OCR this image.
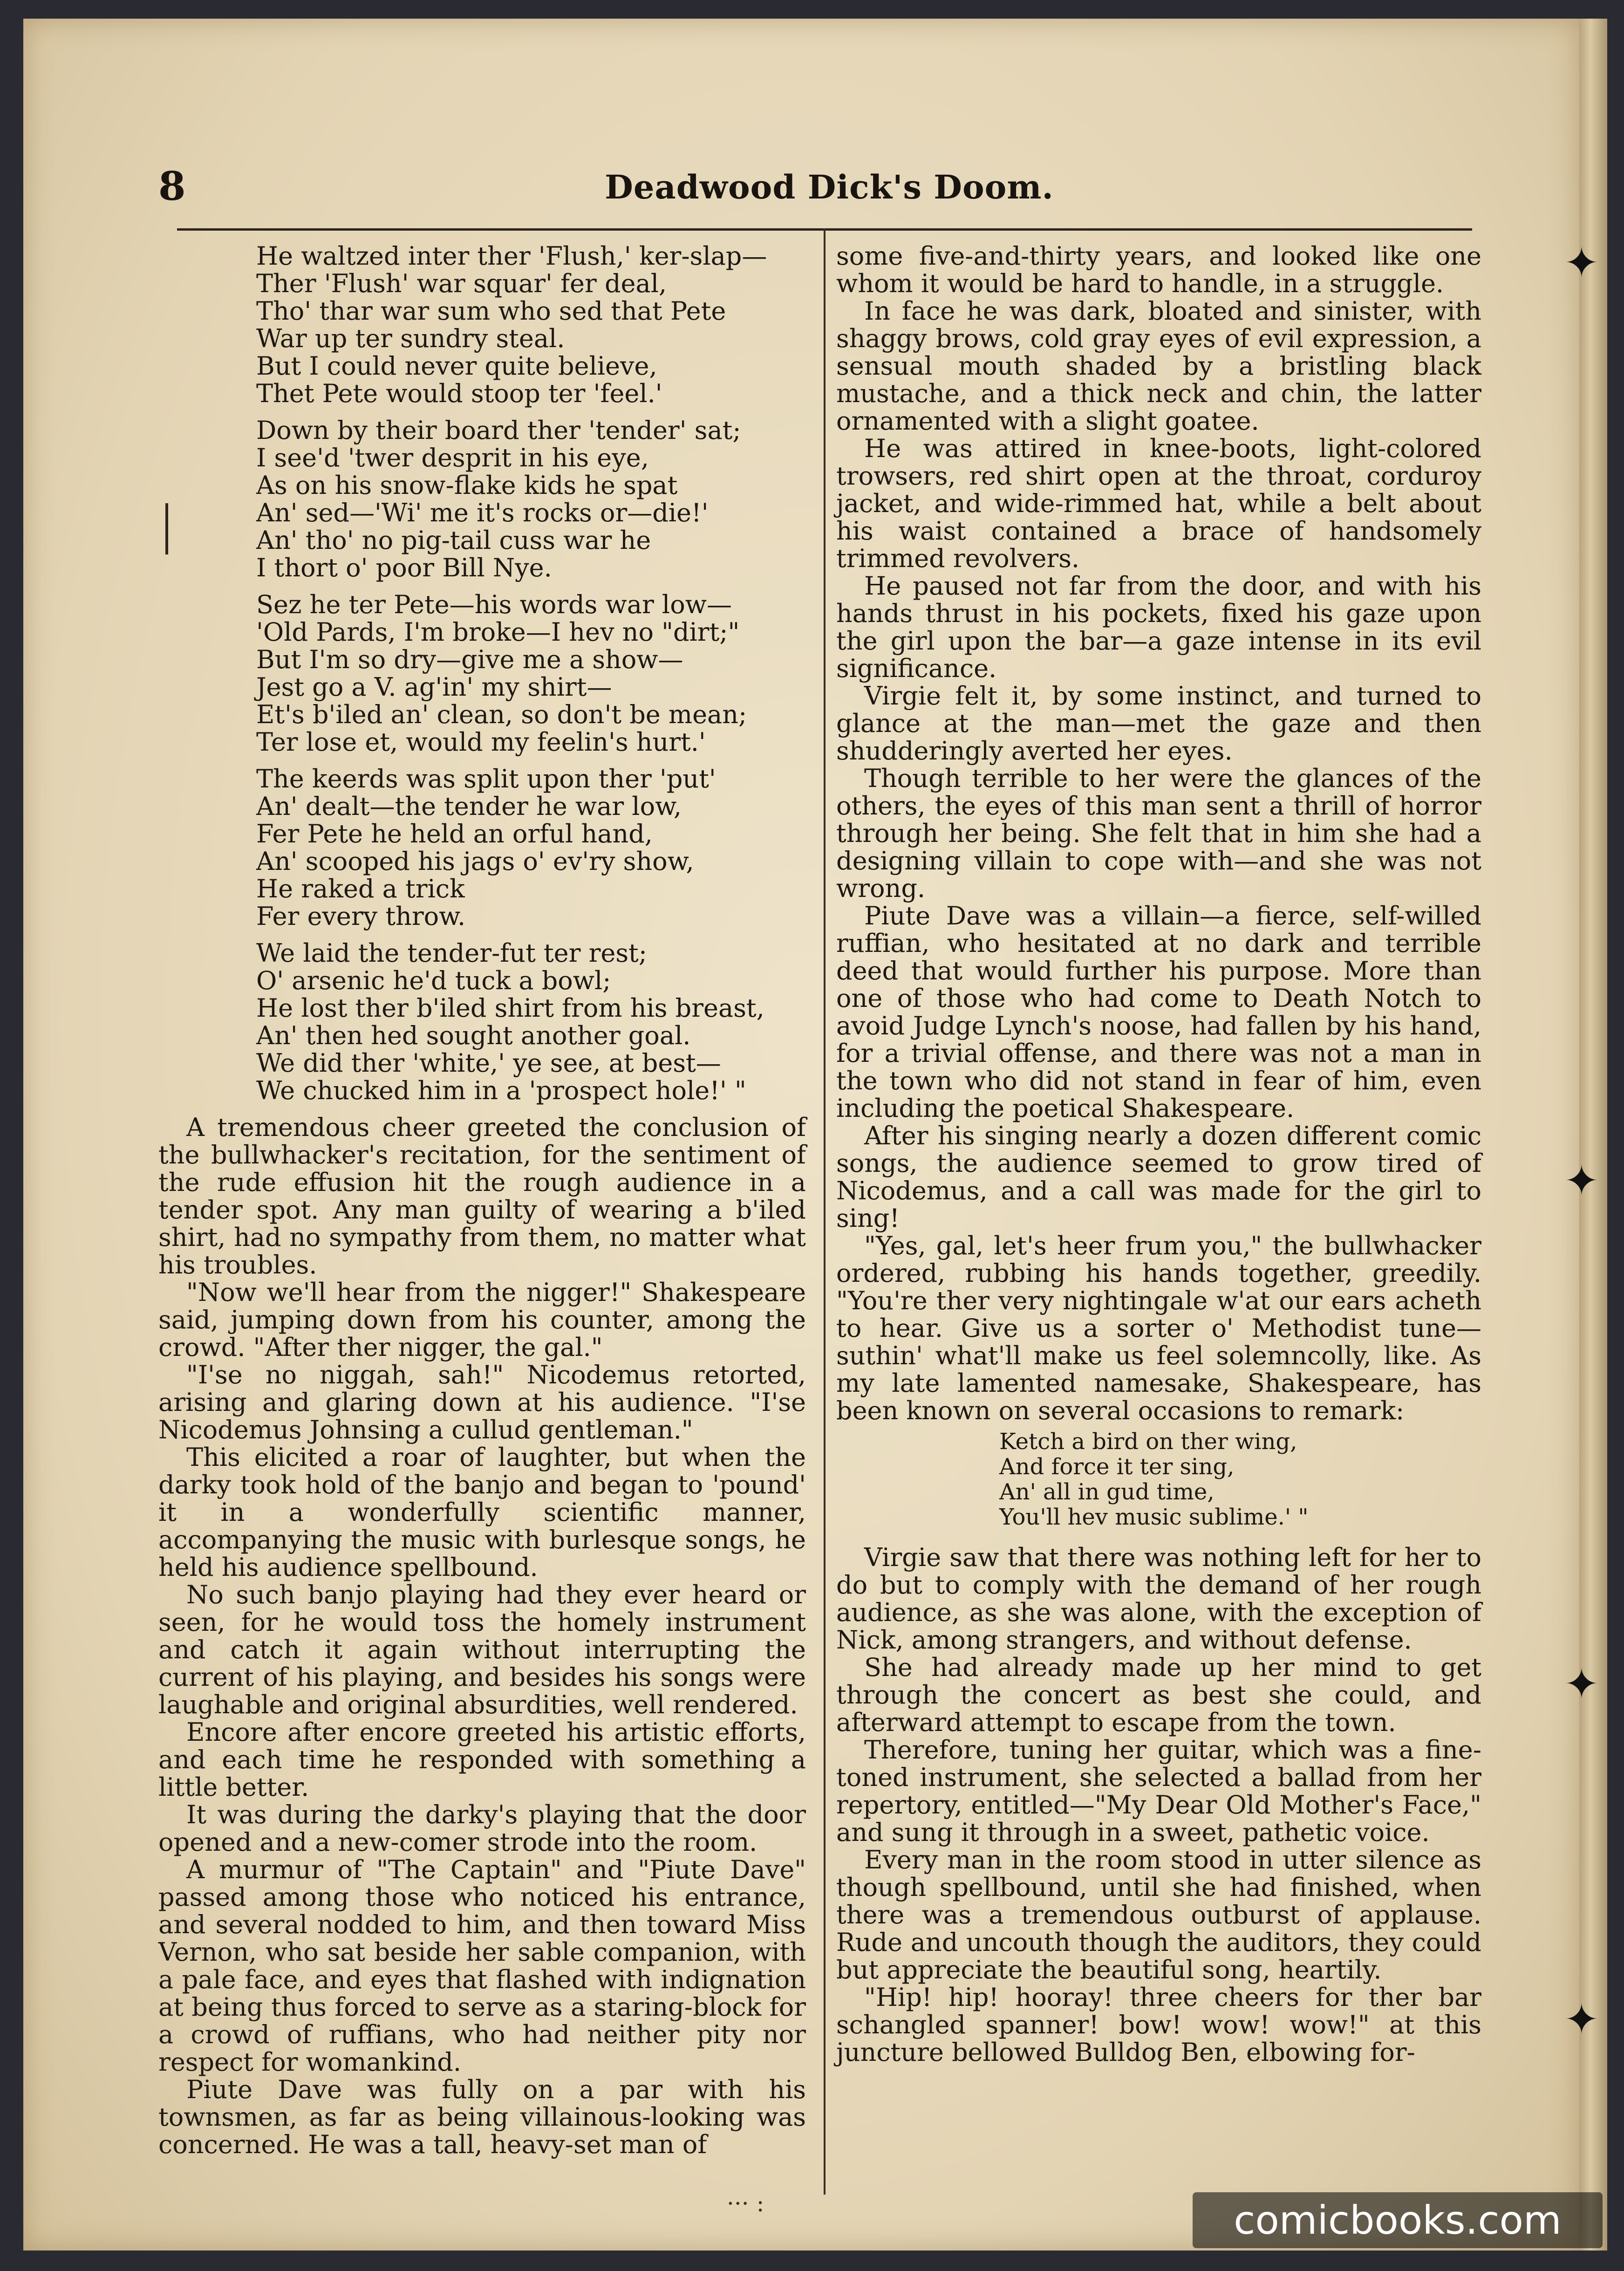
✦
✦
✦
✦
8	Deadwood Dick's Doom.
He waltzed inter ther 'Flush,' ker-slap—
Ther 'Flush' war squar' fer deal,
Tho' thar war sum who sed that Pete
War up ter sundry steal.
But I could never quite believe,
Thet Pete would stoop ter 'feel.'
Down by their board ther 'tender' sat;
I see'd 'twer desprit in his eye,
As on his snow-flake kids he spat
An' sed—'Wi' me it's rocks or—die!'
An' tho' no pig-tail cuss war he
I thort o' poor Bill Nye.
Sez he ter Pete—his words war low—
'Old Pards, I'm broke—I hev no "dirt;"
But I'm so dry—give me a show—
Jest go a V. ag'in' my shirt—
Et's b'iled an' clean, so don't be mean;
Ter lose et, would my feelin's hurt.'
The keerds was split upon ther 'put'
An' dealt—the tender he war low,
Fer Pete he held an orful hand,
An' scooped his jags o' ev'ry show,
He raked a trick
Fer every throw.
We laid the tender-fut ter rest;
O' arsenic he'd tuck a bowl;
He lost ther b'iled shirt from his breast,
An' then hed sought another goal.
We did ther 'white,' ye see, at best—
We chucked him in a 'prospect hole!' "

A tremendous cheer greeted the conclusion of the bullwhacker's recitation, for the sentiment of the rude effusion hit the rough audience in a tender spot. Any man guilty of wearing a b'iled shirt, had no sympathy from them, no matter what his troubles.

"Now we'll hear from the nigger!" Shakespeare said, jumping down from his counter, among the crowd. "After ther nigger, the gal."

"I'se no niggah, sah!" Nicodemus retorted, arising and glaring down at his audience. "I'se Nicodemus Johnsing a cullud gentleman."

This elicited a roar of laughter, but when the darky took hold of the banjo and began to 'pound' it in a wonderfully scientific manner, accompanying the music with burlesque songs, he held his audience spellbound.

No such banjo playing had they ever heard or seen, for he would toss the homely instrument and catch it again without interrupting the current of his playing, and besides his songs were laughable and original absurdities, well rendered.

Encore after encore greeted his artistic efforts, and each time he responded with something a little better.

It was during the darky's playing that the door opened and a new-comer strode into the room.

A murmur of "The Captain" and "Piute Dave" passed among those who noticed his entrance, and several nodded to him, and then toward Miss Vernon, who sat beside her sable companion, with a pale face, and eyes that flashed with indignation at being thus forced to serve as a staring-block for a crowd of ruffians, who had neither pity nor respect for womankind.

Piute Dave was fully on a par with his townsmen, as far as being villainous-looking was concerned. He was a tall, heavy-set man of

some five-and-thirty years, and looked like one whom it would be hard to handle, in a struggle.

In face he was dark, bloated and sinister, with shaggy brows, cold gray eyes of evil expression, a sensual mouth shaded by a bristling black mustache, and a thick neck and chin, the latter ornamented with a slight goatee.

He was attired in knee-boots, light-colored trowsers, red shirt open at the throat, corduroy jacket, and wide-rimmed hat, while a belt about his waist contained a brace of handsomely trimmed revolvers.

He paused not far from the door, and with his hands thrust in his pockets, fixed his gaze upon the girl upon the bar—a gaze intense in its evil significance.

Virgie felt it, by some instinct, and turned to glance at the man—met the gaze and then shudderingly averted her eyes.

Though terrible to her were the glances of the others, the eyes of this man sent a thrill of horror through her being. She felt that in him she had a designing villain to cope with—and she was not wrong.

Piute Dave was a villain—a fierce, self-willed ruffian, who hesitated at no dark and terrible deed that would further his purpose. More than one of those who had come to Death Notch to avoid Judge Lynch's noose, had fallen by his hand, for a trivial offense, and there was not a man in the town who did not stand in fear of him, even including the poetical Shakespeare.

After his singing nearly a dozen different comic songs, the audience seemed to grow tired of Nicodemus, and a call was made for the girl to sing!

"Yes, gal, let's heer frum you," the bullwhacker ordered, rubbing his hands together, greedily. "You're ther very nightingale w'at our ears acheth to hear. Give us a sorter o' Methodist tune—suthin' what'll make us feel solemncolly, like. As my late lamented namesake, Shakespeare, has been known on several occasions to remark:

Ketch a bird on ther wing,
And force it ter sing,
An' all in gud time,
You'll hev music sublime.' "

Virgie saw that there was nothing left for her to do but to comply with the demand of her rough audience, as she was alone, with the exception of Nick, among strangers, and without defense.

She had already made up her mind to get through the concert as best she could, and afterward attempt to escape from the town.

Therefore, tuning her guitar, which was a fine-toned instrument, she selected a ballad from her repertory, entitled—"My Dear Old Mother's Face," and sung it through in a sweet, pathetic voice.

Every man in the room stood in utter silence as though spellbound, until she had finished, when there was a tremendous outburst of applause. Rude and uncouth though the auditors, they could but appreciate the beautiful song, heartily.

"Hip! hip! hooray! three cheers for ther bar schangled spanner! bow! wow! wow!" at this juncture bellowed Bulldog Ben, elbowing for-

··· :	comicbooks.com
